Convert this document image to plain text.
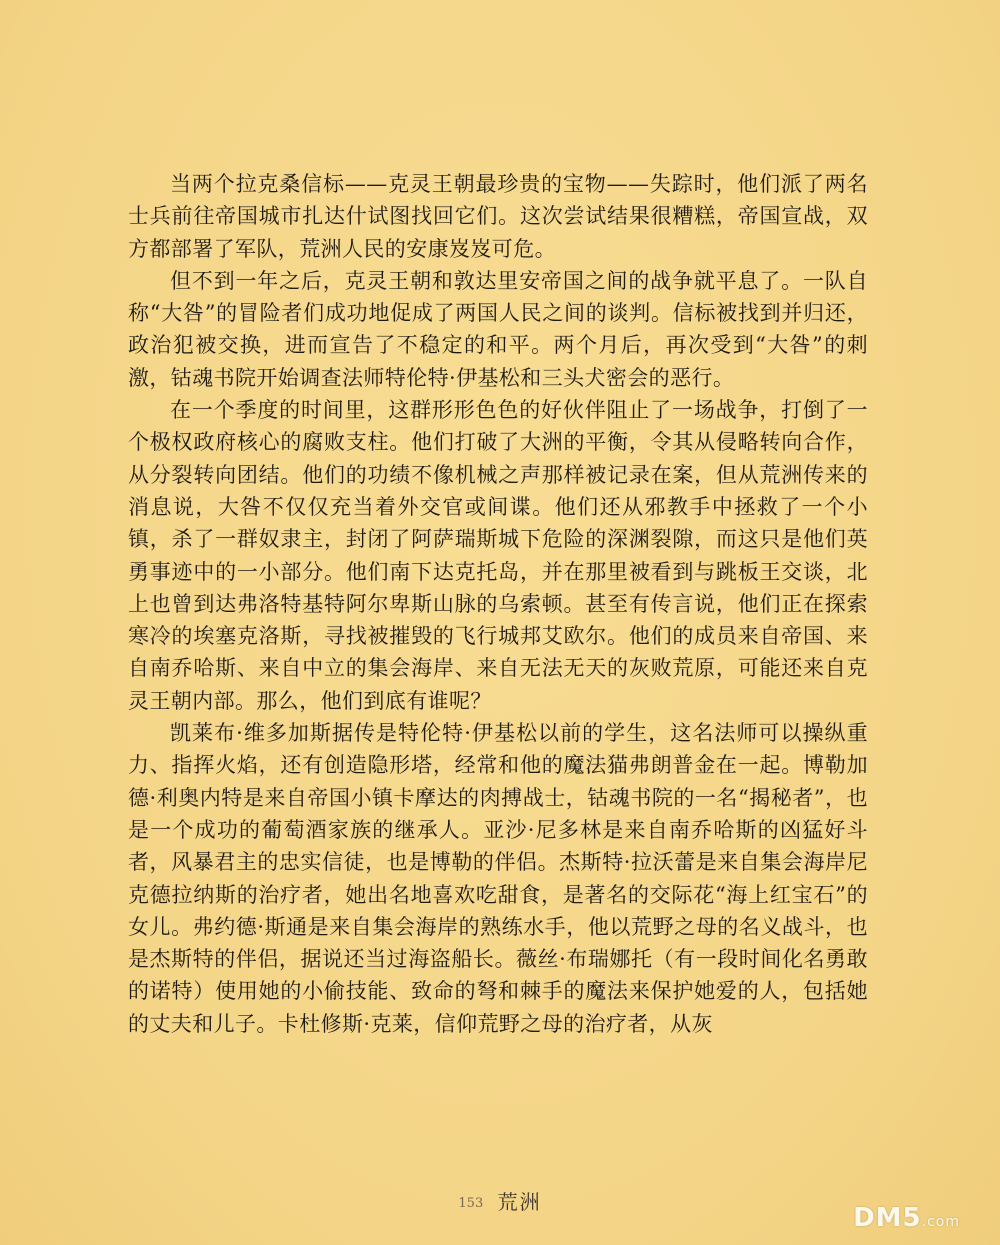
当两个拉克桑信标——克灵王朝最珍贵的宝物——失踪时，他们派了两名士兵前往帝国城市扎达什试图找回它们。这次尝试结果很糟糕，帝国宣战，双方都部署了军队，荒洲人民的安康岌岌可危。

但不到一年之后，克灵王朝和敦达里安帝国之间的战争就平息了。一队自称“大咎”的冒险者们成功地促成了两国人民之间的谈判。信标被找到并归还，政治犯被交换，进而宣告了不稳定的和平。两个月后，再次受到“大咎”的刺激，钴魂书院开始调查法师特伦特·伊基松和三头犬密会的恶行。

在一个季度的时间里，这群形形色色的好伙伴阻止了一场战争，打倒了一个极权政府核心的腐败支柱。他们打破了大洲的平衡，令其从侵略转向合作，从分裂转向团结。他们的功绩不像机械之声那样被记录在案，但从荒洲传来的消息说，大咎不仅仅充当着外交官或间谍。他们还从邪教手中拯救了一个小镇，杀了一群奴隶主，封闭了阿萨瑞斯城下危险的深渊裂隙，而这只是他们英勇事迹中的一小部分。他们南下达克托岛，并在那里被看到与跳板王交谈，北上也曾到达弗洛特基特阿尔卑斯山脉的乌索顿。甚至有传言说，他们正在探索寒冷的埃塞克洛斯，寻找被摧毁的飞行城邦艾欧尔。他们的成员来自帝国、来自南乔哈斯、来自中立的集会海岸、来自无法无天的灰败荒原，可能还来自克灵王朝内部。那么，他们到底有谁呢？

凯莱布·维多加斯据传是特伦特·伊基松以前的学生，这名法师可以操纵重力、指挥火焰，还有创造隐形塔，经常和他的魔法猫弗朗普金在一起。博勒加德·利奥内特是来自帝国小镇卡摩达的肉搏战士，钴魂书院的一名“揭秘者”，也是一个成功的葡萄酒家族的继承人。亚沙·尼多林是来自南乔哈斯的凶猛好斗者，风暴君主的忠实信徒，也是博勒的伴侣。杰斯特·拉沃蕾是来自集会海岸尼克德拉纳斯的治疗者，她出名地喜欢吃甜食，是著名的交际花“海上红宝石”的女儿。弗约德·斯通是来自集会海岸的熟练水手，他以荒野之母的名义战斗，也是杰斯特的伴侣，据说还当过海盗船长。薇丝·布瑞娜托（有一段时间化名勇敢的诺特）使用她的小偷技能、致命的弩和棘手的魔法来保护她爱的人，包括她的丈夫和儿子。卡杜修斯·克莱，信仰荒野之母的治疗者，从灰

153 荒洲
DM5.com
